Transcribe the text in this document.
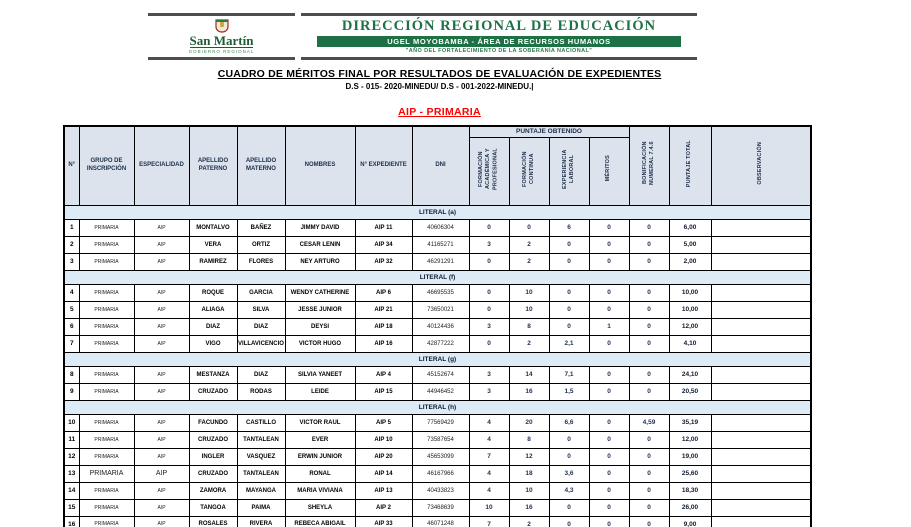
San Martín
GOBIERNO REGIONAL
DIRECCIÓN REGIONAL DE EDUCACIÓN
UGEL MOYOBAMBA - ÁREA DE RECURSOS HUMANOS
"AÑO DEL FORTALECIMIENTO DE LA SOBERANÍA NACIONAL"
CUADRO DE MÉRITOS FINAL POR RESULTADOS DE EVALUACIÓN DE EXPEDIENTES
D.S - 015- 2020-MINEDU/ D.S - 001-2022-MINEDU.|
AIP - PRIMARIA
N°	GRUPO DE INSCRIPCIÓN	ESPECIALIDAD	APELLIDO PATERNO	APELLIDO MATERNO	NOMBRES	N° EXPEDIENTE	DNI	PUNTAJE OBTENIDO				BONIFICACIÓN NUMERAL 7.4.6	PUNTAJE TOTAL	OBSERVACIÓN
								FORMACIÓN ACADÉMICA Y PROFESIONAL	FORMACIÓN CONTINUA	EXPERIENCIA LABORAL	MÉRITOS			
LITERAL (a)														
1	PRIMARIA	AIP	MONTALVO	BAÑEZ	JIMMY DAVID	AIP 11	40606304	0	0	6	0	0	6,00	
2	PRIMARIA	AIP	VERA	ORTIZ	CESAR LENIN	AIP 34	41165271	3	2	0	0	0	5,00	
3	PRIMARIA	AIP	RAMIREZ	FLORES	NEY ARTURO	AIP 32	46291291	0	2	0	0	0	2,00	
LITERAL (f)														
4	PRIMARIA	AIP	ROQUE	GARCIA	WENDY CATHERINE	AIP 6	46695535	0	10	0	0	0	10,00	
5	PRIMARIA	AIP	ALIAGA	SILVA	JESSE JUNIOR	AIP 21	73650021	0	10	0	0	0	10,00	
6	PRIMARIA	AIP	DIAZ	DIAZ	DEYSI	AIP 18	40124436	3	8	0	1	0	12,00	
7	PRIMARIA	AIP	VIGO	VILLAVICENCIO	VICTOR HUGO	AIP 16	42877222	0	2	2,1	0	0	4,10	
LITERAL (g)														
8	PRIMARIA	AIP	MESTANZA	DIAZ	SILVIA YANEET	AIP 4	45152674	3	14	7,1	0	0	24,10	
9	PRIMARIA	AIP	CRUZADO	RODAS	LEIDE	AIP 15	44946452	3	16	1,5	0	0	20,50	
LITERAL (h)														
10	PRIMARIA	AIP	FACUNDO	CASTILLO	VICTOR RAUL	AIP 5	77569429	4	20	6,6	0	4,59	35,19	
11	PRIMARIA	AIP	CRUZADO	TANTALEAN	EVER	AIP 10	73587654	4	8	0	0	0	12,00	
12	PRIMARIA	AIP	INGLER	VASQUEZ	ERWIN JUNIOR	AIP 20	45653099	7	12	0	0	0	19,00	
13	PRIMARIA	AIP	CRUZADO	TANTALEAN	RONAL	AIP 14	46167966	4	18	3,6	0	0	25,60	
14	PRIMARIA	AIP	ZAMORA	MAYANGA	MARIA VIVIANA	AIP 13	40433823	4	10	4,3	0	0	18,30	
15	PRIMARIA	AIP	TANGOA	PAIMA	SHEYLA	AIP 2	73468639	10	16	0	0	0	26,00	
16	PRIMARIA	AIP	ROSALES	RIVERA	REBECA ABIGAIL	AIP 33	46071248	7	2	0	0	0	9,00	
